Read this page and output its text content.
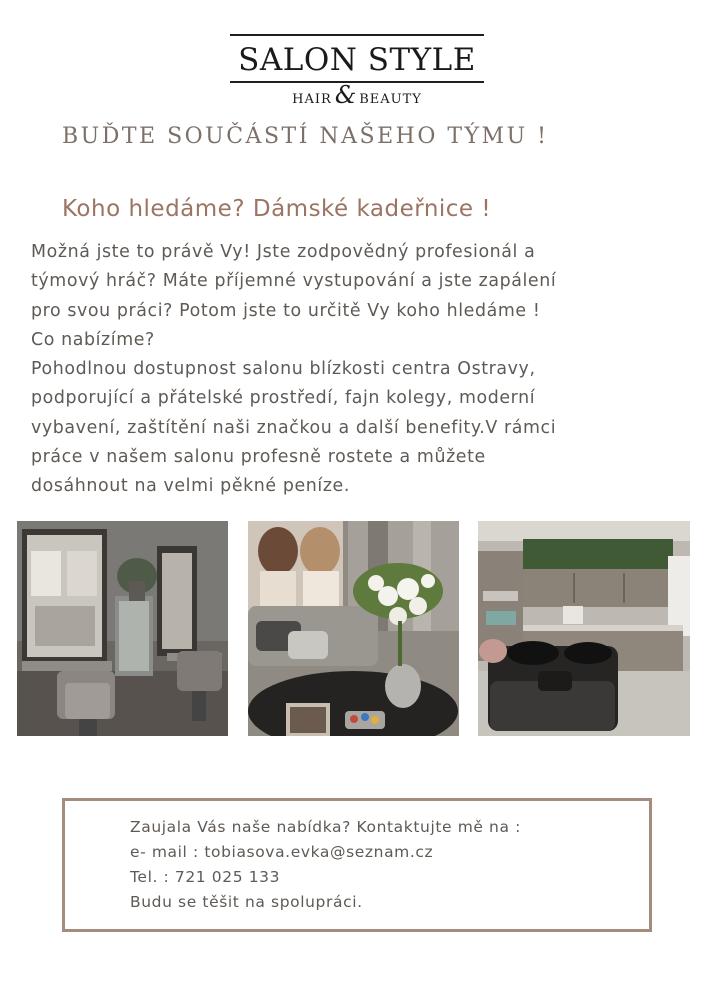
SALON STYLE
HAIR & BEAUTY
BUĎTE SOUČÁSTÍ NAŠEHO TÝMU !
Koho hledáme? Dámské kadeřnice !
Možná jste to právě Vy! Jste zodpovědný profesionál a
týmový hráč? Máte příjemné vystupování a jste zapálení
pro svou práci? Potom jste to určitě Vy koho hledáme !
Co nabízíme?
Pohodlnou dostupnost salonu blízkosti centra Ostravy,
podporující a přátelské prostředí, fajn kolegy, moderní
vybavení, zaštítění naši značkou a další benefity.V rámci
práce v našem salonu profesně rostete a můžete
dosáhnout na velmi pěkné peníze.
Zaujala Vás naše nabídka? Kontaktujte mě na :
e- mail : tobiasova.evka@seznam.cz
Tel. : 721 025 133
Budu se těšit na spolupráci.
